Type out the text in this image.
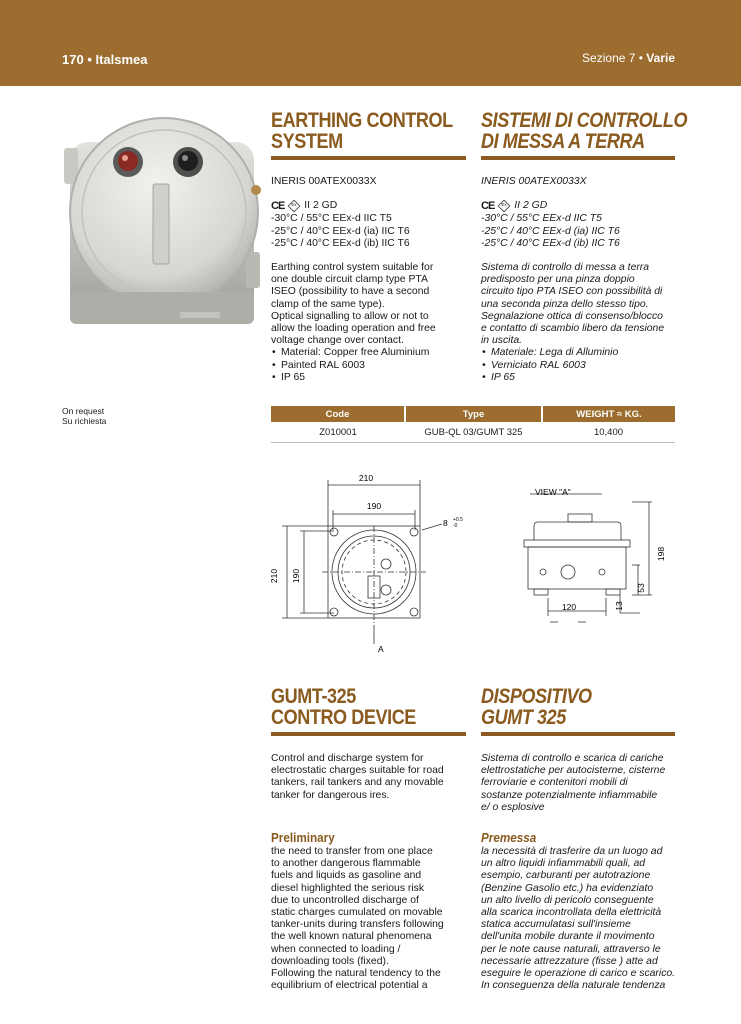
170 • Italsmea	Sezione 7 • Varie
EARTHING CONTROL
SYSTEM
SISTEMI DI CONTROLLO
DI MESSA A TERRA

INERIS 00ATEX0033X

CE	Ex II 2 GD

-30°C / 55°C EEx-d IIC T5

-25°C / 40°C EEx-d (ia) IIC T6

-25°C / 40°C EEx-d (ib) IIC T6

Earthing control system suitable for

one double circuit clamp type PTA

ISEO (possibility to have a second

clamp of the same type).

Optical signalling to allow or not to

allow the loading operation and free

voltage change over contact.

• Material: Copper free Aluminium
• Painted RAL 6003
• IP 65

INERIS 00ATEX0033X

CE	Ex II 2 GD

-30°C / 55°C EEx-d IIC T5

-25°C / 40°C EEx-d (ia) IIC T6

-25°C / 40°C EEx-d (ib) IIC T6

Sistema di controllo di messa a terra

predisposto per una pinza doppio

circuito tipo PTA ISEO con possibilità di

una seconda pinza dello stesso tipo.

Segnalazione ottica di consenso/blocco

e contatto di scambio libero da tensione

in uscita.

• Materiale: Lega di Alluminio
• Verniciato RAL 6003
• IP 65
On request
Su richiesta
Code	Type	WEIGHT ≈ KG.
Z010001	GUB-QL 03/GUMT 325	10,400
210
190
210 190
8 +0.5
-0
A
VIEW "A"
198
53
13
120
GUMT-325
CONTRO DEVICE
DISPOSITIVO
GUMT 325

Control and discharge system for

electrostatic charges suitable for road

tankers, rail tankers and any movable

tanker for dangerous ires.

Sistema di controllo e scarica di cariche

elettrostatiche per autocisterne, cisterne

ferroviarie e contenitori mobili di

sostanze potenzialmente infiammabile

e/ o esplosive

Preliminary	Premessa

the need to transfer from one place

to another dangerous flammable

fuels and liquids as gasoline and

diesel highlighted the serious risk

due to uncontrolled discharge of

static charges cumulated on movable

tanker-units during transfers following

the well known natural phenomena

when connected to loading /

downloading tools (fixed).

Following the natural tendency to the

equilibrium of electrical potential a

la necessità di trasferire da un luogo ad

un altro liquidi infiammabili quali, ad

esempio, carburanti per autotrazione

(Benzine Gasolio etc.) ha evidenziato

un alto livello di pericolo conseguente

alla scarica incontrollata della elettricità

statica accumulatasi sull'insieme

dell'unita mobile durante il movimento

per le note cause naturali, attraverso le

necessarie attrezzature (fisse ) atte ad

eseguire le operazione di carico e scarico.

In conseguenza della naturale tendenza
